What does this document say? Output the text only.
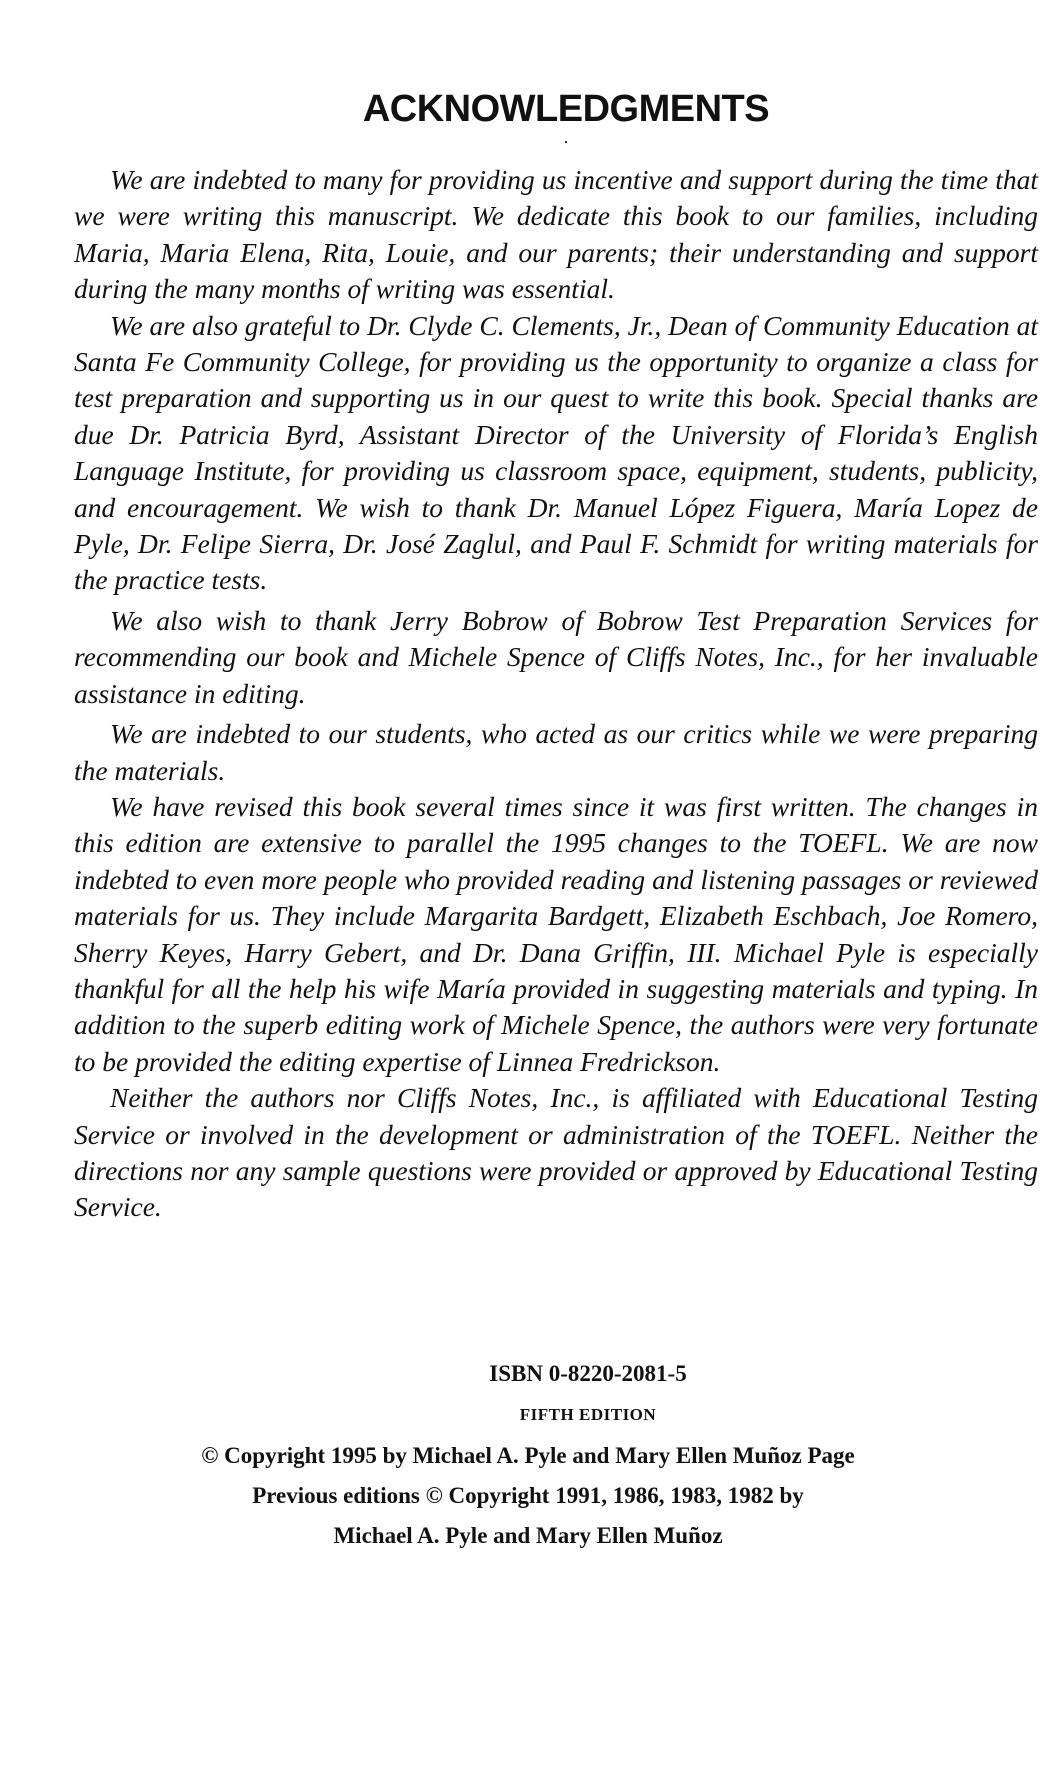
ACKNOWLEDGMENTS
·

We are indebted to many for providing us incentive and support during the time that we were writing this manuscript. We dedicate this book to our families, including Maria, Maria Elena, Rita, Louie, and our parents; their understanding and support during the many months of writing was essential.

We are also grateful to Dr. Clyde C. Clements, Jr., Dean of Community Education at Santa Fe Community College, for providing us the opportunity to organize a class for test preparation and supporting us in our quest to write this book. Special thanks are due Dr. Patricia Byrd, Assistant Director of the University of Florida’s English Language Institute, for providing us classroom space, equipment, students, publicity, and encouragement. We wish to thank Dr. Manuel López Figuera, María Lopez de Pyle, Dr. Felipe Sierra, Dr. José Zaglul, and Paul F. Schmidt for writing materials for the practice tests.

We also wish to thank Jerry Bobrow of Bobrow Test Preparation Services for recommending our book and Michele Spence of Cliffs Notes, Inc., for her invaluable assistance in editing.

We are indebted to our students, who acted as our critics while we were preparing the materials.

We have revised this book several times since it was first written. The changes in this edition are extensive to parallel the 1995 changes to the TOEFL. We are now indebted to even more people who provided reading and listening passages or reviewed materials for us. They include Margarita Bardgett, Elizabeth Eschbach, Joe Romero, Sherry Keyes, Harry Gebert, and Dr. Dana Griffin, III. Michael Pyle is especially thankful for all the help his wife María provided in suggesting materials and typing. In addition to the superb editing work of Michele Spence, the authors were very fortunate to be provided the editing expertise of Linnea Fredrickson.

Neither the authors nor Cliffs Notes, Inc., is affiliated with Educational Testing Service or involved in the development or administration of the TOEFL. Neither the directions nor any sample questions were provided or approved by Educational Testing Service.

ISBN 0-8220-2081-5
FIFTH EDITION
© Copyright 1995 by Michael A. Pyle and Mary Ellen Muñoz Page
Previous editions © Copyright 1991, 1986, 1983, 1982 by
Michael A. Pyle and Mary Ellen Muñoz
